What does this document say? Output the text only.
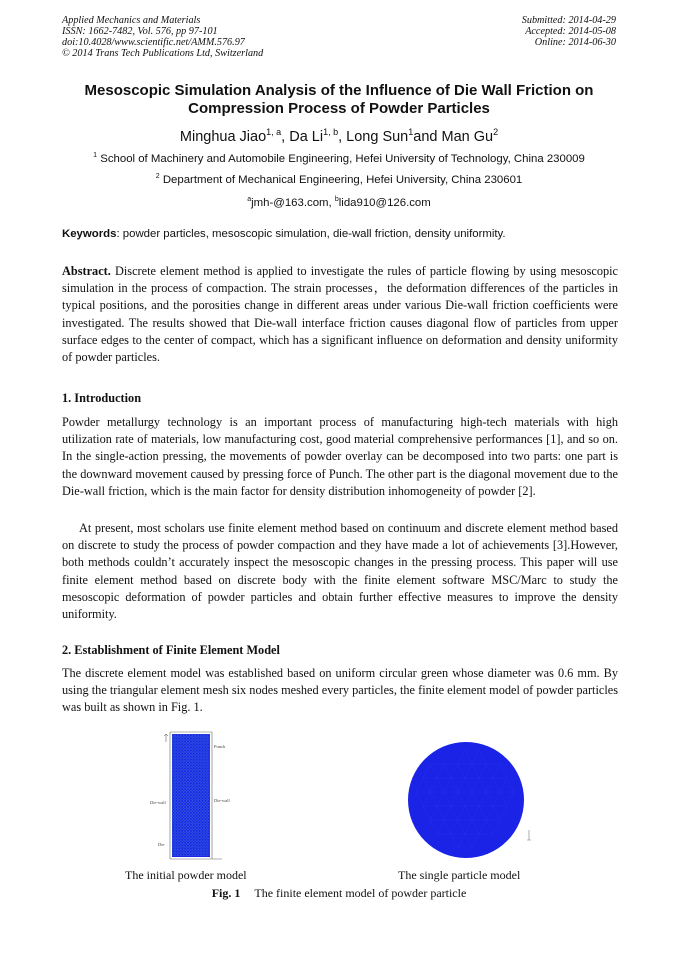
Applied Mechanics and Materials
ISSN: 1662-7482, Vol. 576, pp 97-101
doi:10.4028/www.scientific.net/AMM.576.97
© 2014 Trans Tech Publications Ltd, Switzerland
Submitted: 2014-04-29
Accepted: 2014-05-08
Online: 2014-06-30
Mesoscopic Simulation Analysis of the Influence of Die Wall Friction on
Compression Process of Powder Particles
Minghua Jiao$^{1, a}$, Da Li$^{1, b}$, Long Sun$^1$and Man Gu$^2$
$^1$ School of Machinery and Automobile Engineering, Hefei University of Technology, China 230009
$^2$ Department of Mechanical Engineering, Hefei University, China 230601
$^a$jmh-@163.com, $^b$lida910@126.com
Keywords: powder particles, mesoscopic simulation, die-wall friction, density uniformity.
Abstract. Discrete element method is applied to investigate the rules of particle flowing by using mesoscopic simulation in the process of compaction. The strain processes，the deformation differences of the particles in typical positions, and the porosities change in different areas under various Die-wall friction coefficients were investigated. The results showed that Die-wall interface friction causes diagonal flow of particles from upper surface edges to the center of compact, which has a significant influence on deformation and density uniformity of powder particles.
1. Introduction
Powder metallurgy technology is an important process of manufacturing high-tech materials with high utilization rate of materials, low manufacturing cost, good material comprehensive performances [1], and so on. In the single-action pressing, the movements of powder overlay can be decomposed into two parts: one part is the downward movement caused by pressing force of Punch. The other part is the diagonal movement due to the Die-wall friction, which is the main factor for density distribution inhomogeneity of powder [2].
At present, most scholars use finite element method based on continuum and discrete element method based on discrete to study the process of powder compaction and they have made a lot of achievements [3].However, both methods couldn’t accurately inspect the mesoscopic changes in the pressing process. This paper will use finite element method based on discrete body with the finite element software MSC/Marc to study the mesoscopic deformation of powder particles and obtain further effective measures to improve the density uniformity.
2. Establishment of Finite Element Model
The discrete element model was established based on uniform circular green whose diameter was 0.6 mm. By using the triangular element mesh six nodes meshed every particles, the finite element model of powder particles was built as shown in Fig. 1.
Punch
Die-wall
Die-wall
Die
The initial powder model	The single particle model
Fig. 1 The finite element model of powder particle
